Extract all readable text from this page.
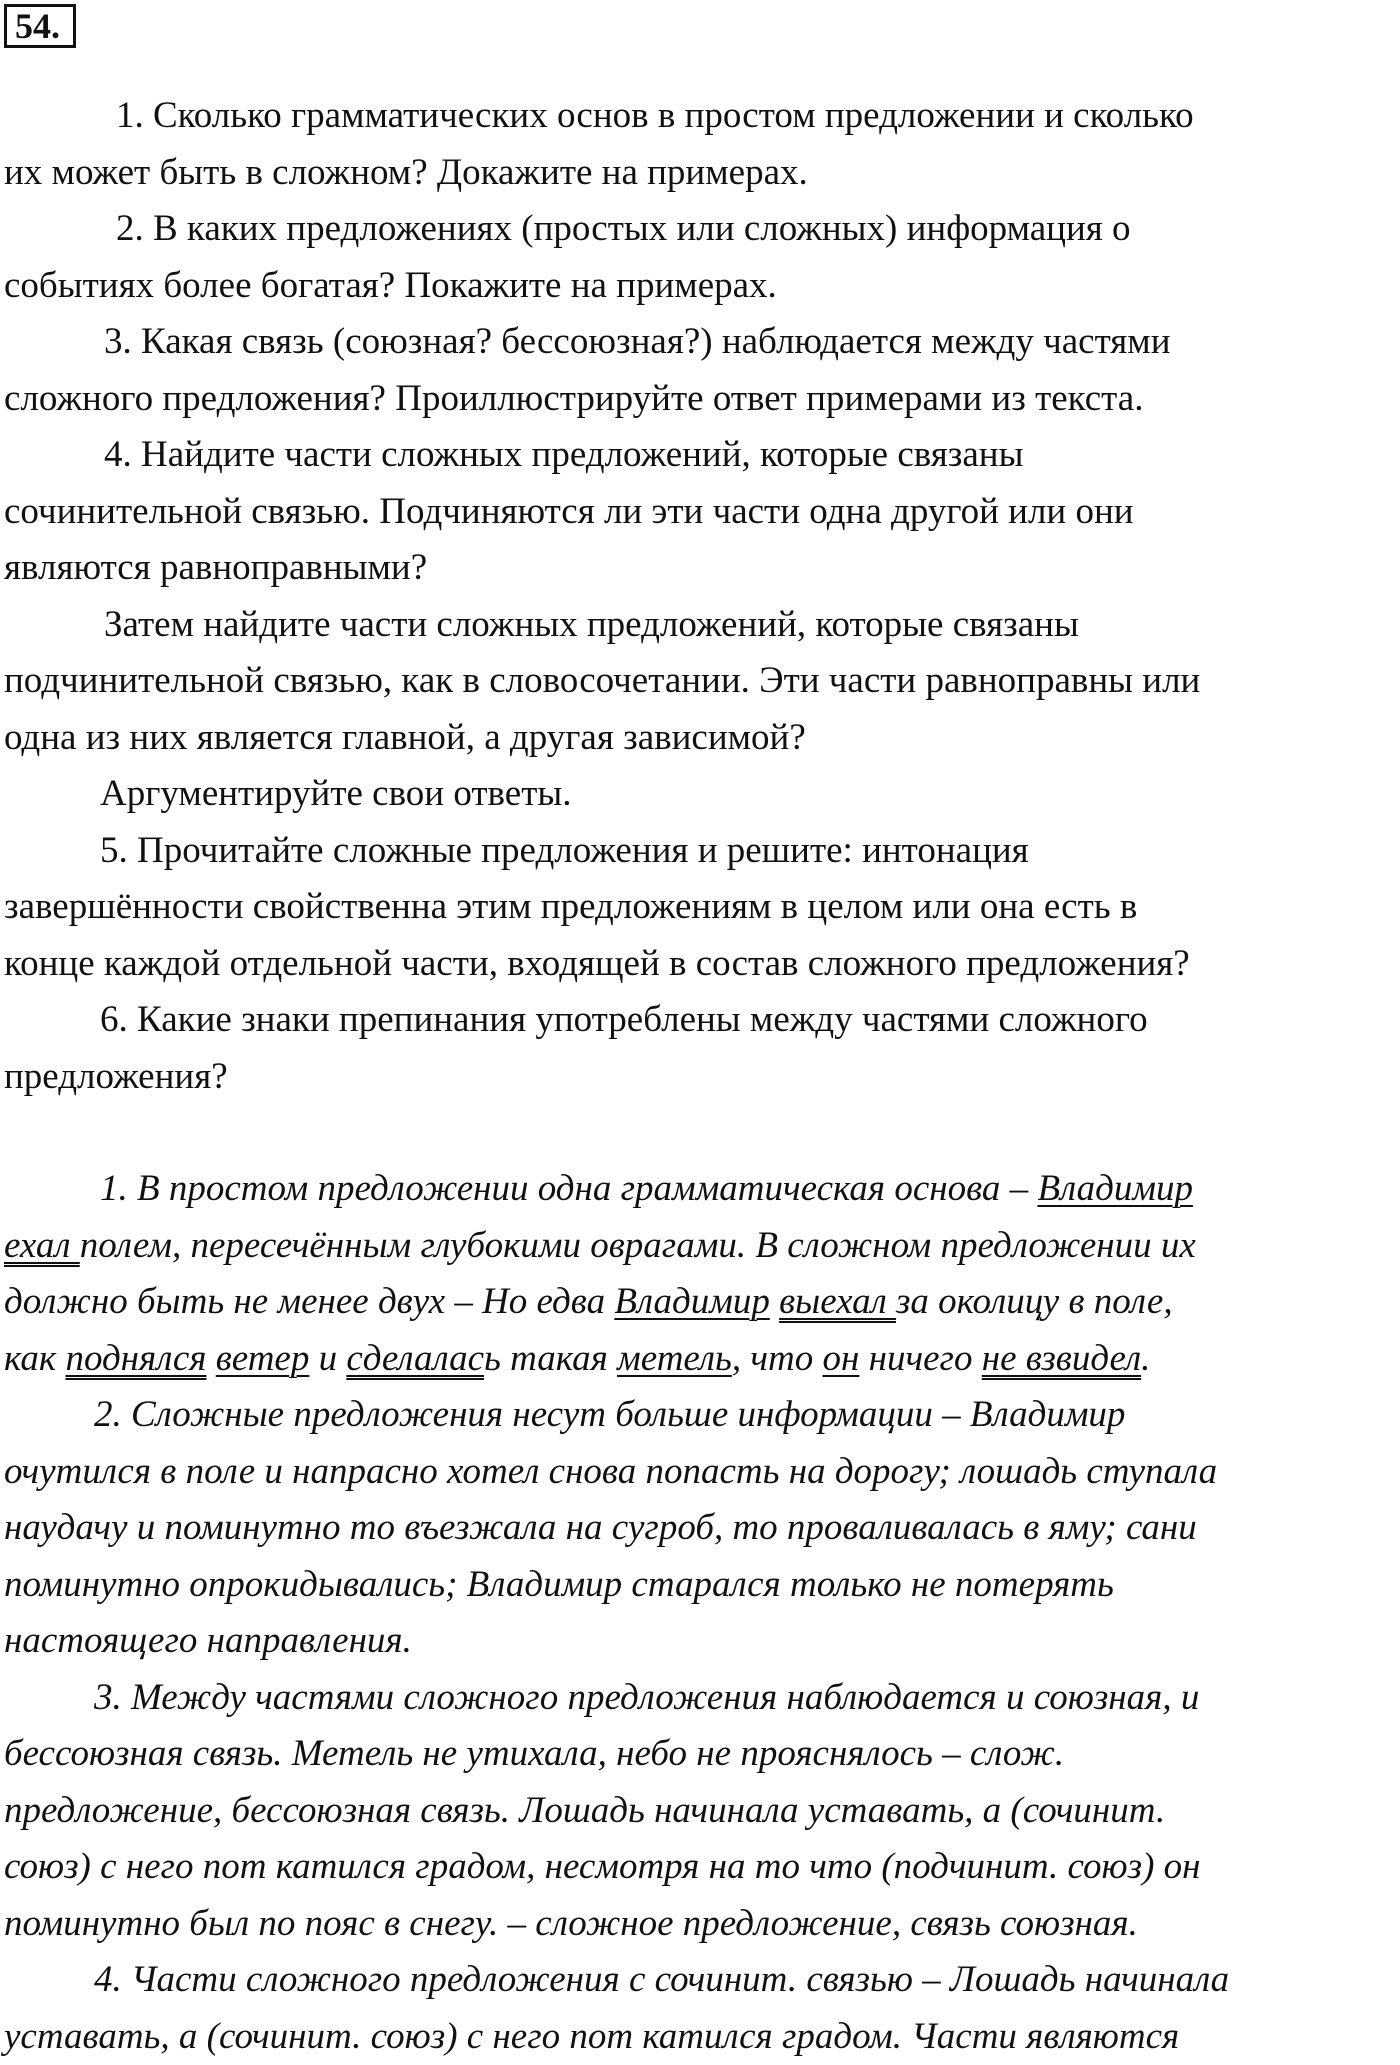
54.
1. Сколько грамматических основ в простом предложении и сколько
их может быть в сложном? Докажите на примерах.
2. В каких предложениях (простых или сложных) информация о
событиях более богатая? Покажите на примерах.
3. Какая связь (союзная? бессоюзная?) наблюдается между частями
сложного предложения? Проиллюстрируйте ответ примерами из текста.
4. Найдите части сложных предложений, которые связаны
сочинительной связью. Подчиняются ли эти части одна другой или они
являются равноправными?
Затем найдите части сложных предложений, которые связаны
подчинительной связью, как в словосочетании. Эти части равноправны или
одна из них является главной, а другая зависимой?
Аргументируйте свои ответы.
5. Прочитайте сложные предложения и решите: интонация
завершённости свойственна этим предложениям в целом или она есть в
конце каждой отдельной части, входящей в состав сложного предложения?
6. Какие знаки препинания употреблены между частями сложного
предложения?
1. В простом предложении одна грамматическая основа – Владимир
ехал полем, пересечённым глубокими оврагами. В сложном предложении их
должно быть не менее двух – Но едва Владимир выехал за околицу в поле,
как поднялся ветер и сделалась такая метель, что он ничего не взвидел.
2. Сложные предложения несут больше информации – Владимир
очутился в поле и напрасно хотел снова попасть на дорогу; лошадь ступала
наудачу и поминутно то въезжала на сугроб, то проваливалась в яму; сани
поминутно опрокидывались; Владимир старался только не потерять
настоящего направления.
3. Между частями сложного предложения наблюдается и союзная, и
бессоюзная связь. Метель не утихала, небо не прояснялось – слож.
предложение, бессоюзная связь. Лошадь начинала уставать, а (сочинит.
союз) с него пот катился градом, несмотря на то что (подчинит. союз) он
поминутно был по пояс в снегу. – сложное предложение, связь союзная.
4. Части сложного предложения с сочинит. связью – Лошадь начинала
уставать, а (сочинит. союз) с него пот катился градом. Части являются
